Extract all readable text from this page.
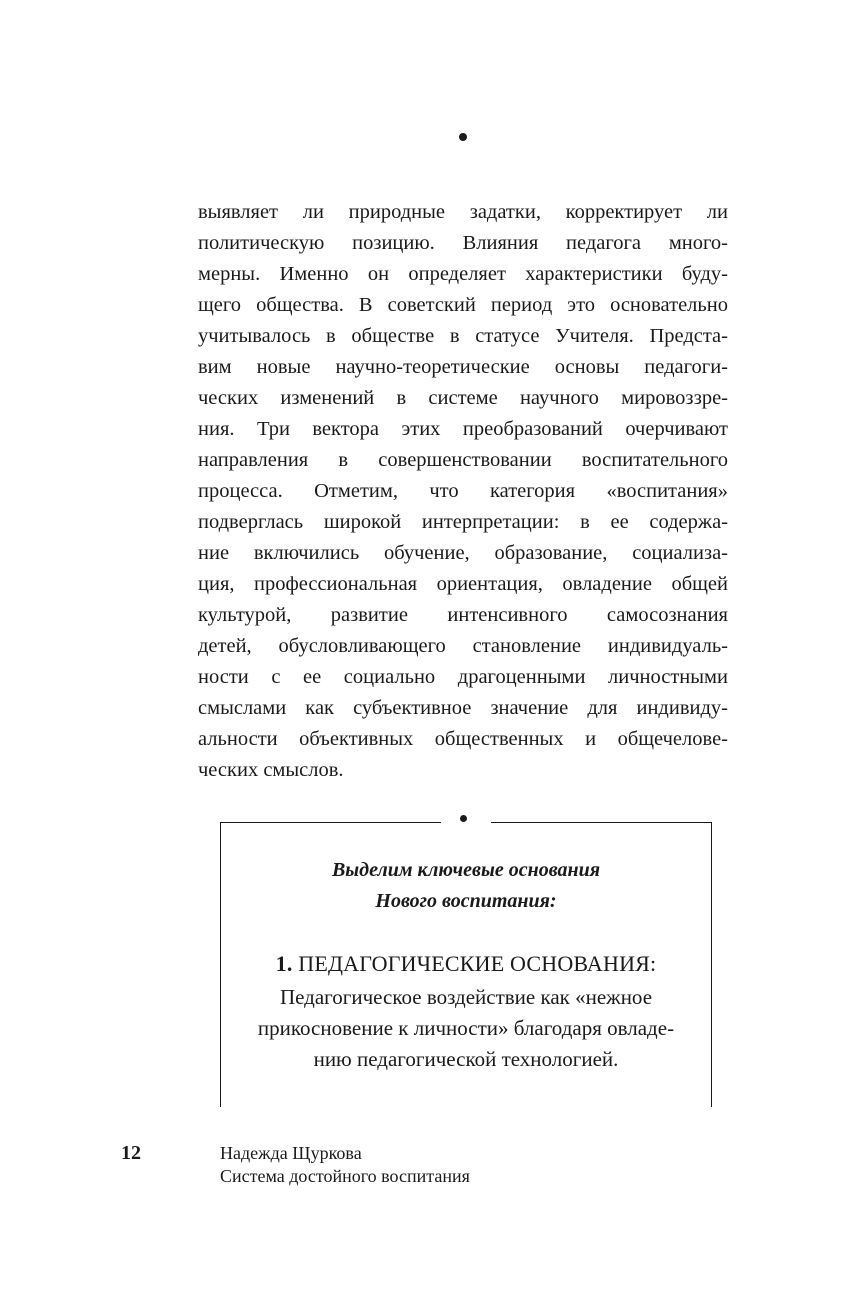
выявляет ли природные задатки, корректирует ли
политическую позицию. Влияния педагога много-
мерны. Именно он определяет характеристики буду-
щего общества. В советский период это основательно
учитывалось в обществе в статусе Учителя. Предста-
вим новые научно-теоретические основы педагоги-
ческих изменений в системе научного мировоззре-
ния. Три вектора этих преобразований очерчивают
направления в совершенствовании воспитательного
процесса. Отметим, что категория «воспитания»
подверглась широкой интерпретации: в ее содержа-
ние включились обучение, образование, социализа-
ция, профессиональная ориентация, овладение общей
культурой, развитие интенсивного самосознания
детей, обусловливающего становление индивидуаль-
ности с ее социально драгоценными личностными
смыслами как субъективное значение для индивиду-
альности объективных общественных и общечелове-
ческих смыслов.
Выделим ключевые основания
Нового воспитания:
1. ПЕДАГОГИЧЕСКИЕ ОСНОВАНИЯ:
Педагогическое воздействие как «нежное
прикосновение к личности» благодаря овладе-
нию педагогической технологией.
12	Надежда Щуркова
Система достойного воспитания
